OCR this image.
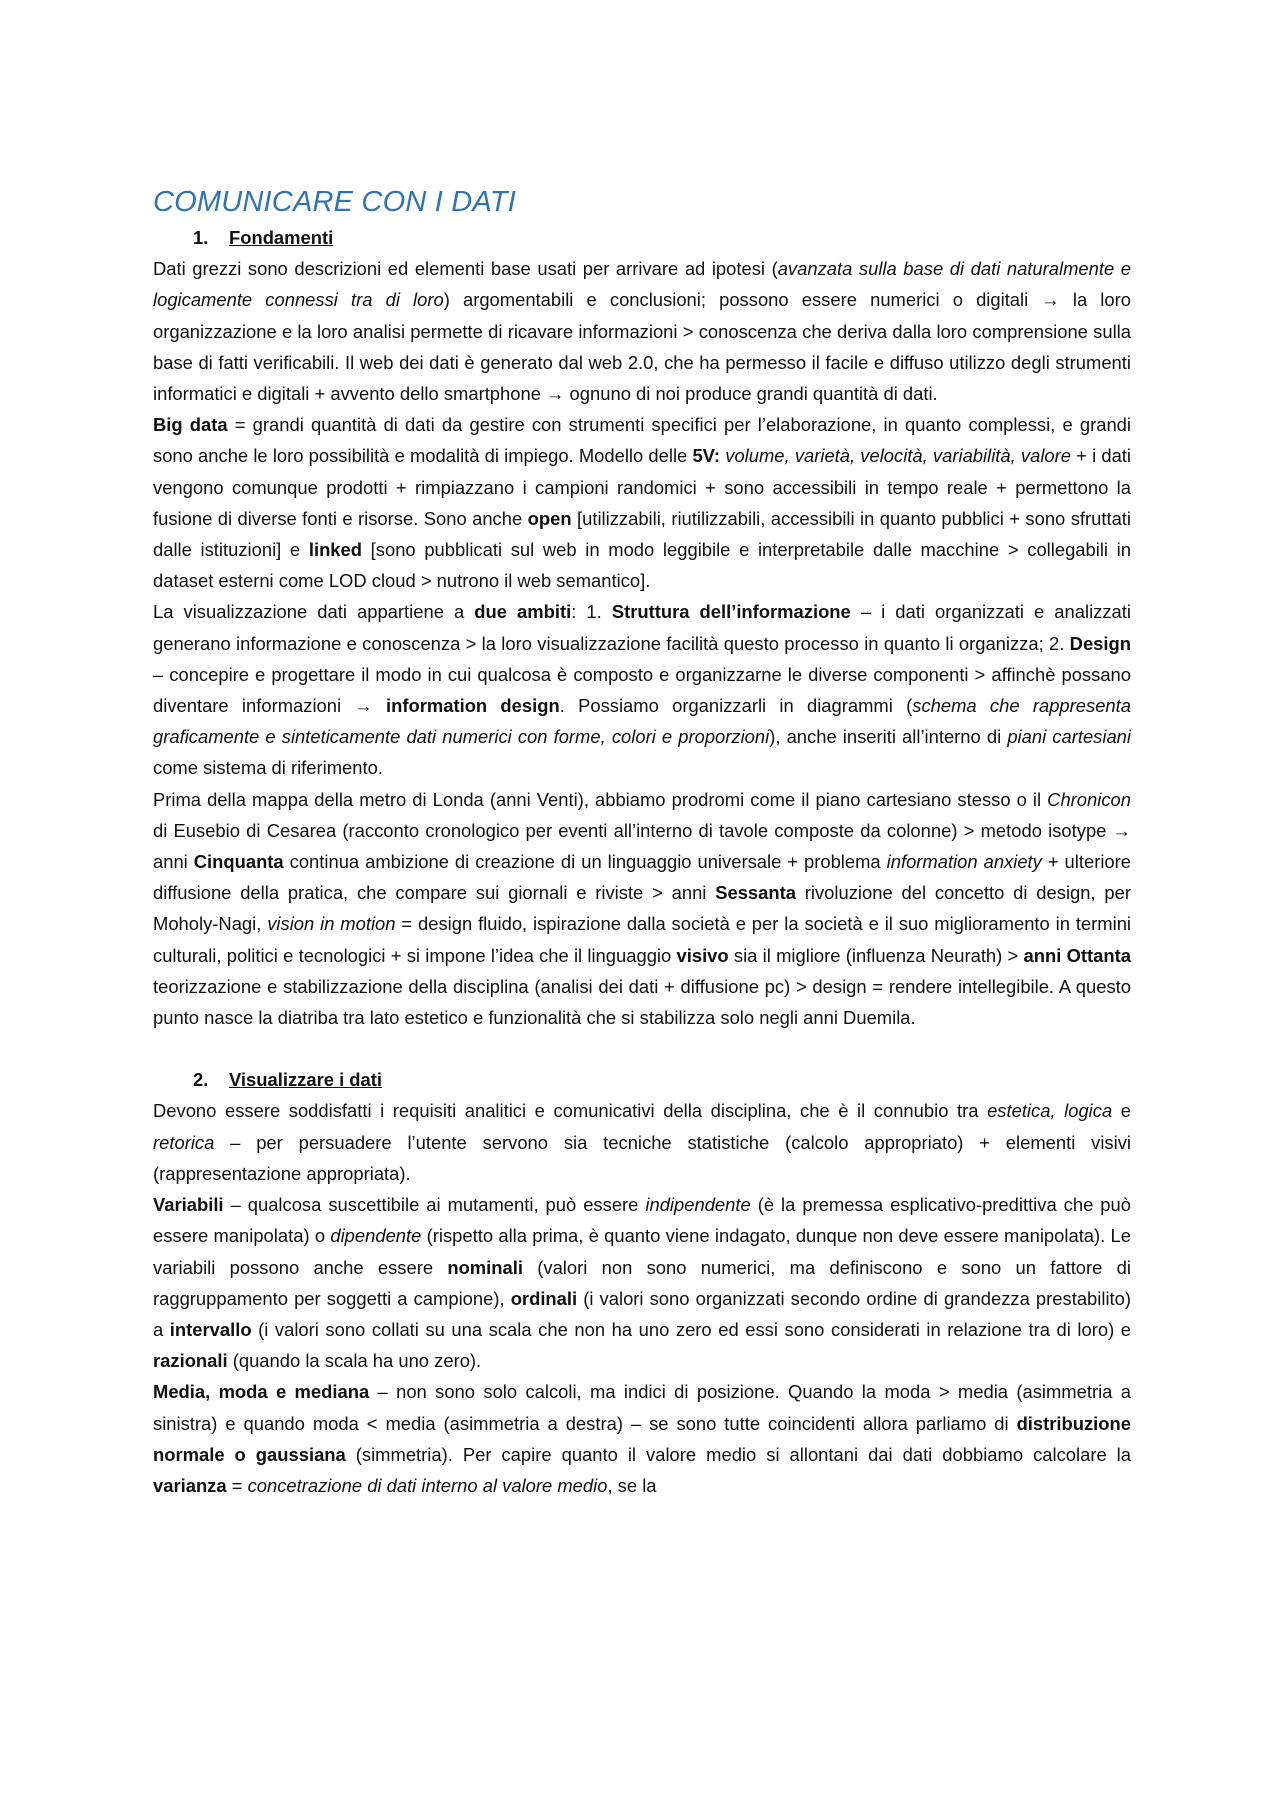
COMUNICARE CON I DATI
1. Fondamenti

Dati grezzi sono descrizioni ed elementi base usati per arrivare ad ipotesi (avanzata sulla base di dati naturalmente e logicamente connessi tra di loro) argomentabili e conclusioni; possono essere numerici o digitali → la loro organizzazione e la loro analisi permette di ricavare informazioni > conoscenza che deriva dalla loro comprensione sulla base di fatti verificabili. Il web dei dati è generato dal web 2.0, che ha permesso il facile e diffuso utilizzo degli strumenti informatici e digitali + avvento dello smartphone → ognuno di noi produce grandi quantità di dati.

Big data = grandi quantità di dati da gestire con strumenti specifici per l’elaborazione, in quanto complessi, e grandi sono anche le loro possibilità e modalità di impiego. Modello delle 5V: volume, varietà, velocità, variabilità, valore + i dati vengono comunque prodotti + rimpiazzano i campioni randomici + sono accessibili in tempo reale + permettono la fusione di diverse fonti e risorse. Sono anche open [utilizzabili, riutilizzabili, accessibili in quanto pubblici + sono sfruttati dalle istituzioni] e linked [sono pubblicati sul web in modo leggibile e interpretabile dalle macchine > collegabili in dataset esterni come LOD cloud > nutrono il web semantico].

La visualizzazione dati appartiene a due ambiti: 1. Struttura dell’informazione – i dati organizzati e analizzati generano informazione e conoscenza > la loro visualizzazione facilità questo processo in quanto li organizza; 2. Design – concepire e progettare il modo in cui qualcosa è composto e organizzarne le diverse componenti > affinchè possano diventare informazioni → information design. Possiamo organizzarli in diagrammi (schema che rappresenta graficamente e sinteticamente dati numerici con forme, colori e proporzioni), anche inseriti all’interno di piani cartesiani come sistema di riferimento.

Prima della mappa della metro di Londa (anni Venti), abbiamo prodromi come il piano cartesiano stesso o il Chronicon di Eusebio di Cesarea (racconto cronologico per eventi all’interno di tavole composte da colonne) > metodo isotype → anni Cinquanta continua ambizione di creazione di un linguaggio universale + problema information anxiety + ulteriore diffusione della pratica, che compare sui giornali e riviste > anni Sessanta rivoluzione del concetto di design, per Moholy-Nagi, vision in motion = design fluido, ispirazione dalla società e per la società e il suo miglioramento in termini culturali, politici e tecnologici + si impone l’idea che il linguaggio visivo sia il migliore (influenza Neurath) > anni Ottanta teorizzazione e stabilizzazione della disciplina (analisi dei dati + diffusione pc) > design = rendere intellegibile. A questo punto nasce la diatriba tra lato estetico e funzionalità che si stabilizza solo negli anni Duemila.

2. Visualizzare i dati

Devono essere soddisfatti i requisiti analitici e comunicativi della disciplina, che è il connubio tra estetica, logica e retorica – per persuadere l’utente servono sia tecniche statistiche (calcolo appropriato) + elementi visivi (rappresentazione appropriata).

Variabili – qualcosa suscettibile ai mutamenti, può essere indipendente (è la premessa esplicativo-predittiva che può essere manipolata) o dipendente (rispetto alla prima, è quanto viene indagato, dunque non deve essere manipolata). Le variabili possono anche essere nominali (valori non sono numerici, ma definiscono e sono un fattore di raggruppamento per soggetti a campione), ordinali (i valori sono organizzati secondo ordine di grandezza prestabilito) a intervallo (i valori sono collati su una scala che non ha uno zero ed essi sono considerati in relazione tra di loro) e razionali (quando la scala ha uno zero).

Media, moda e mediana – non sono solo calcoli, ma indici di posizione. Quando la moda > media (asimmetria a sinistra) e quando moda < media (asimmetria a destra) – se sono tutte coincidenti allora parliamo di distribuzione normale o gaussiana (simmetria). Per capire quanto il valore medio si allontani dai dati dobbiamo calcolare la varianza = concetrazione di dati interno al valore medio, se la
